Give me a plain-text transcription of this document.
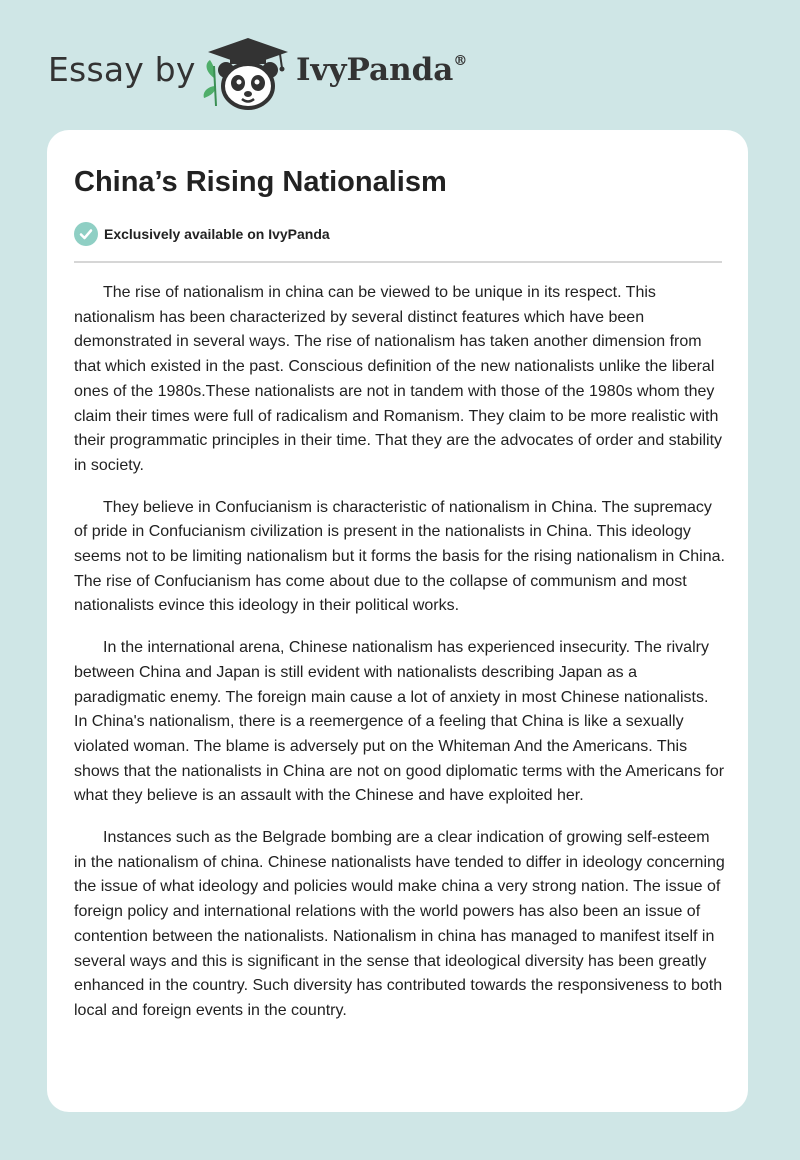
Essay by	IvyPanda®
China’s Rising Nationalism
Exclusively available on IvyPanda

The rise of nationalism in china can be viewed to be unique in its respect. This nationalism has been characterized by several distinct features which have been demonstrated in several ways. The rise of nationalism has taken another dimension from that which existed in the past. Conscious definition of the new nationalists unlike the liberal ones of the 1980s.These nationalists are not in tandem with those of the 1980s whom they claim their times were full of radicalism and Romanism. They claim to be more realistic with their programmatic principles in their time. That they are the advocates of order and stability in society.

They believe in Confucianism is characteristic of nationalism in China. The supremacy of pride in Confucianism civilization is present in the nationalists in China. This ideology seems not to be limiting nationalism but it forms the basis for the rising nationalism in China. The rise of Confucianism has come about due to the collapse of communism and most nationalists evince this ideology in their political works.

In the international arena, Chinese nationalism has experienced insecurity. The rivalry between China and Japan is still evident with nationalists describing Japan as a paradigmatic enemy. The foreign main cause a lot of anxiety in most Chinese nationalists. In China's nationalism, there is a reemergence of a feeling that China is like a sexually violated woman. The blame is adversely put on the Whiteman And the Americans. This shows that the nationalists in China are not on good diplomatic terms with the Americans for what they believe is an assault with the Chinese and have exploited her.

Instances such as the Belgrade bombing are a clear indication of growing self-esteem in the nationalism of china. Chinese nationalists have tended to differ in ideology concerning the issue of what ideology and policies would make china a very strong nation. The issue of foreign policy and international relations with the world powers has also been an issue of contention between the nationalists. Nationalism in china has managed to manifest itself in several ways and this is significant in the sense that ideological diversity has been greatly enhanced in the country. Such diversity has contributed towards the responsiveness to both local and foreign events in the country.
